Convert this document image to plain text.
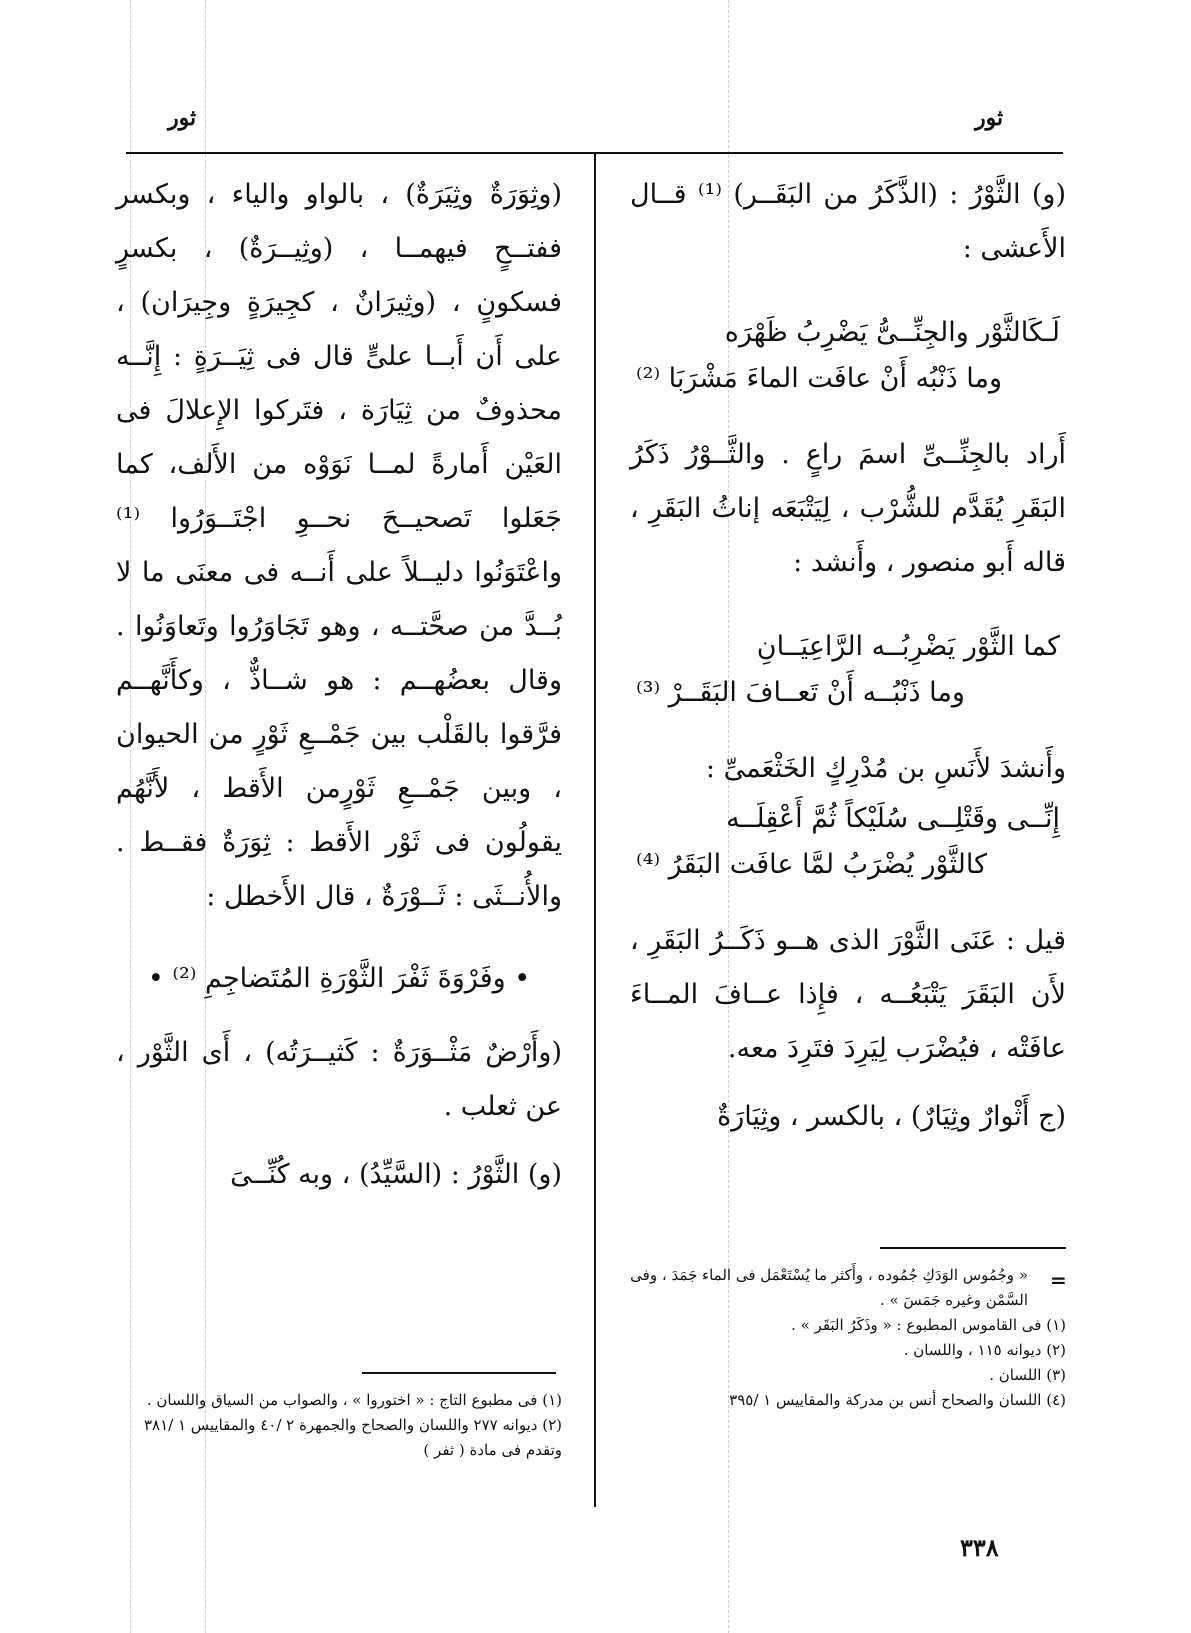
ثور
ثور

(و) الثَّوْرُ : (الذَّكَرُ من البَقَــر) ⁽¹⁾ قــال الأَعشى :

لَـكَالثَّوْر والجِنِّــىُّ يَضْرِبُ ظَهْرَه

وما ذَنْبُه أَنْ عافَت الماءَ مَشْرَبَا ⁽²⁾

أَراد بالجِنِّــىِّ اسمَ راعٍ . والثَّــوْرُ ذَكَرُ البَقَرِ يُقَدَّم للشُّرْب ، لِيَتْبَعَه إناثُ البَقَرِ ، قاله أَبو منصور ، وأَنشد :

كما الثَّوْر يَضْرِبُــه الرَّاعِيَــانِ

وما ذَنْبُــه أَنْ تَعــافَ البَقَــرْ ⁽³⁾

وأَنشدَ لأَنَسِ بن مُدْرِكٍ الخَثْعَمىِّ :

إِنِّــى وقَتْلِــى سُلَيْكاً ثُمَّ أَعْقِلَــه

كالثَّوْر يُضْرَبُ لمَّا عافَت البَقَرُ ⁽⁴⁾

قيل : عَنَى الثَّوْرَ الذى هــو ذَكَــرُ البَقَرِ ، لأَن البَقَرَ يَتْبَعُــه ، فإِذا عــافَ المــاءَ عافَتْه ، فيُضْرَب لِيَرِدَ فتَرِدَ معه.

(ج أَثْوارٌ وثِيَارٌ) ، بالكسر ، وثِيَارَةٌ

(وثِوَرَةٌ وثِيَرَةٌ) ، بالواو والياء ، وبكسر ففتــحٍ فيهمــا ، (وثِيــرَةٌ) ، بكسرٍ فسكونٍ ، (وثِيرَانٌ ، كجِيرَةٍ وجِيرَان) ، على أَن أَبــا علىٍّ قال فى ثِيَــرَةٍ : إِنَّــه محذوفٌ من ثِيَارَة ، فتَركوا الإِعلالَ فى العَيْن أَمارةً لمــا نَوَوْه من الأَلف، كما جَعَلوا تَصحيــحَ نحــوِ اجْتَــوَرُوا ⁽¹⁾ واعْتَوَنُوا دليــلاً على أَنــه فى معنَى ما لا بُــدَّ من صحَّتــه ، وهو تَجَاوَرُوا وتَعاوَنُوا . وقال بعضُهــم : هو شــاذٌّ ، وكأَنَّهــم فرَّقوا بالقَلْب بين جَمْــعِ ثَوْرٍ من الحيوان ، وبين جَمْــعِ ثَوْرٍمن الأَقط ، لأَنَّهُم يقولُون فى ثَوْر الأَقط : ثِوَرَةٌ فقــط . والأُنــثَى : ثَــوْرَةٌ ، قال الأَخطل :

• وفَرْوَةَ ثَفْرَ الثَّوْرَةِ المُتَضاجِمِ ⁽²⁾ •

(وأَرْضٌ مَثْــوَرَةٌ : كَثيــرَتُه) ، أَى الثَّوْر ، عن ثعلب .

(و) الثَّوْرُ : (السَّيِّدُ) ، وبه كُنِّــىَ

=

« وجُمُوس الوَدَكِ جُمُوده ، وأَكثر ما يُسْتَعْمَل فى الماء جَمَدَ ، وفى السَّمْن وغيره جَمَسَ » .

(١) فى القاموس المطبوع : « وذَكَرُ البَقَر » .

(٢) ديوانه ١١٥ ، واللسان .

(٣) اللسان .

(٤) اللسان والصحاح أنس بن مدركة والمقاييس ١ /٣٩٥

(١) فى مطبوع التاج : « اختوروا » ، والصواب من السياق واللسان .

(٢) ديوانه ٢٧٧ واللسان والصحاح والجمهرة ٢ /٤٠ والمقاييس ١ /٣٨١ وتقدم فى مادة ( ثفر )

٣٣٨
